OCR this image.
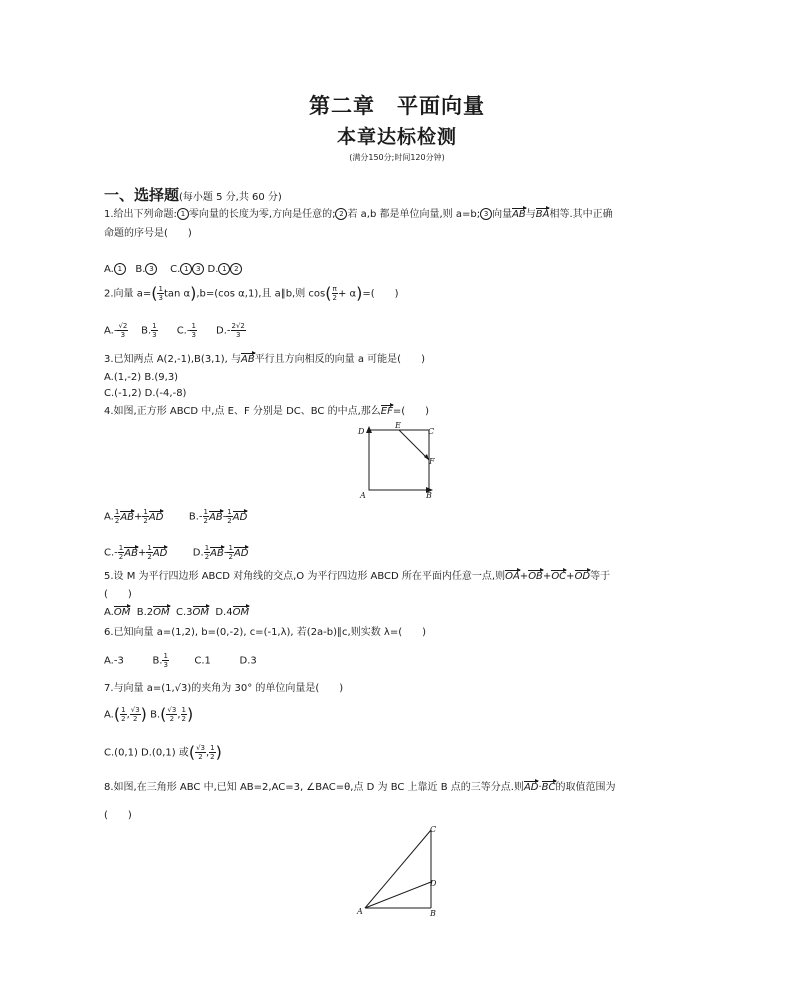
第二章　平面向量
本章达标检测
(满分150分;时间120分钟)
一、选择题(每小题 5 分,共 60 分)
1.给出下列命题: 1 零向量的长度为零,方向是任意的; 2 若 a,b 都是单位向量,则 a=b; 3 向量AB与BA相等.其中正确
命题的序号是(　　)
A. 1 B. 3 C. 1 3 D. 1 2
2.向量 $a=( \frac{1}{3}$ tan α),b=(cos α,1),且 a∥b,则 $\cos( \frac{\pi}{2} + \alpha)=$(　　)
$A.- \frac{√2}{3} B$. $\frac{1}{3} C.- \frac{1}{3} D.- \frac{2√2}{3}$
3.已知两点 A(2,-1),B(3,1), 与AB平行且方向相反的向量 a 可能是(　　)
A.(1,-2) B.(9,3)
C.(-1,2) D.(-4,-8)
4.如图,正方形 ABCD 中,点 E、F 分别是 DC、BC 的中点,那么EF=(　　)
D
E
C
F
A	B
A. $\frac{1}{2} AB+ \frac{1}{2}$ AD	$B.- \frac{1}{2} AB- \frac{1}{2}$ AD
$C.- \frac{1}{2} AB+ \frac{1}{2}$ AD	D. $\frac{1}{2} AB- \frac{1}{2}$ AD
5.设 M 为平行四边形 ABCD 对角线的交点,O 为平行四边形 ABCD 所在平面内任意一点,则OA+OB+OC+OD等于
(　　)
A.OM B.2OM C.3OM D.4OM
6.已知向量 a=(1,2), b=(0,-2), c=(-1,λ), 若(2a-b)∥c,则实数 λ=(　　)
A.-3	B. $\frac{1}{3}$	C.1	D.3
7.与向量 a=(1,√3)的夹角为 30° 的单位向量是(　　)
$A.( \frac{1}{2}$ , $\frac{√3}{2}$ ) $B.( \frac{√3}{2}$ , $\frac{1}{2}$ )
C.(0,1) D.(0,1) 或( $\frac{√3}{2}$ , $\frac{1}{2}$ )
8.如图,在三角形 ABC 中,已知 AB=2,AC=3, ∠BAC=θ,点 D 为 BC 上靠近 B 点的三等分点.则AD·BC的取值范围为
(　　)
C
D
A	B
